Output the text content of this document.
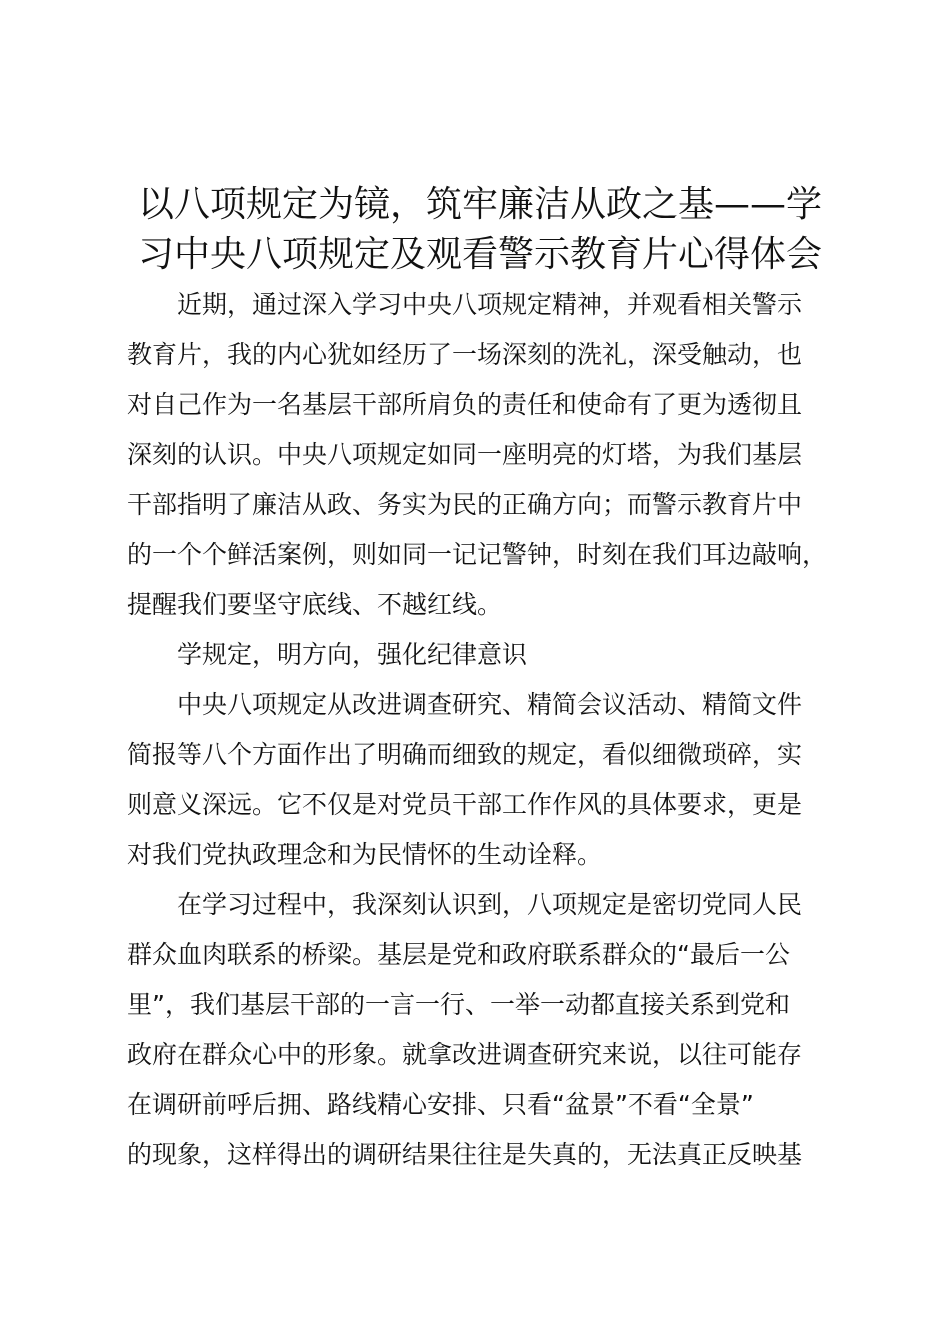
以八项规定为镜，筑牢廉洁从政之基——学
习中央八项规定及观看警示教育片心得体会

近期，通过深入学习中央八项规定精神，并观看相关警示
教育片，我的内心犹如经历了一场深刻的洗礼，深受触动，也
对自己作为一名基层干部所肩负的责任和使命有了更为透彻且
深刻的认识。中央八项规定如同一座明亮的灯塔，为我们基层
干部指明了廉洁从政、务实为民的正确方向；而警示教育片中
的一个个鲜活案例，则如同一记记警钟，时刻在我们耳边敲响，
提醒我们要坚守底线、不越红线。

学规定，明方向，强化纪律意识

中央八项规定从改进调查研究、精简会议活动、精简文件
简报等八个方面作出了明确而细致的规定，看似细微琐碎，实
则意义深远。它不仅是对党员干部工作作风的具体要求，更是
对我们党执政理念和为民情怀的生动诠释。

在学习过程中，我深刻认识到，八项规定是密切党同人民
群众血肉联系的桥梁。基层是党和政府联系群众的“最后一公
里”，我们基层干部的一言一行、一举一动都直接关系到党和
政府在群众心中的形象。就拿改进调查研究来说，以往可能存
在调研前呼后拥、路线精心安排、只看“盆景”不看“全景”
的现象，这样得出的调研结果往往是失真的，无法真正反映基
